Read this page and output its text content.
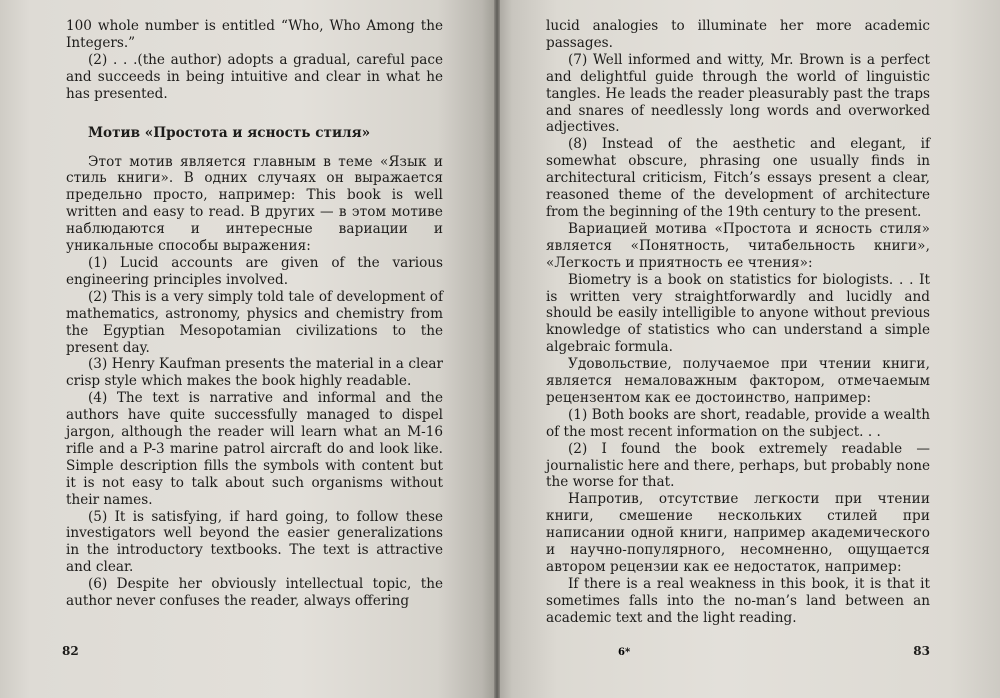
100 whole number is entitled “Who, Who Among the Integers.”

(2) . . .(the author) adopts a gradual, careful pace and succeeds in being intuitive and clear in what he has presented.

Мотив «Простота и ясность стиля»

Этот мотив является главным в теме «Язык и стиль книги». В одних случаях он выражается предельно просто, например: This book is well written and easy to read. В других — в этом мотиве наблюдаются и интересные вариации и уникальные способы выражения:

(1) Lucid accounts are given of the various engineering principles involved.

(2) This is a very simply told tale of development of mathematics, astronomy, physics and chemistry from the Egyptian Mesopotamian civilizations to the present day.

(3) Henry Kaufman presents the material in a clear crisp style which makes the book highly readable.

(4) The text is narrative and informal and the authors have quite successfully managed to dispel jargon, although the reader will learn what an M-16 rifle and a P-3 marine patrol aircraft do and look like. Simple description fills the symbols with content but it is not easy to talk about such organisms without their names.

(5) It is satisfying, if hard going, to follow these investigators well beyond the easier generalizations in the introductory textbooks. The text is attractive and clear.

(6) Despite her obviously intellectual topic, the author never confuses the reader, always offering

82

lucid analogies to illuminate her more academic passages.

(7) Well informed and witty, Mr. Brown is a perfect and delightful guide through the world of linguistic tangles. He leads the reader pleasurably past the traps and snares of needlessly long words and overworked adjectives.

(8) Instead of the aesthetic and elegant, if somewhat obscure, phrasing one usually finds in architectural criticism, Fitch’s essays present a clear, reasoned theme of the development of architecture from the beginning of the 19th century to the present.

Вариацией мотива «Простота и ясность стиля» является «Понятность, читабельность книги», «Легкость и приятность ее чтения»:

Biometry is a book on statistics for biologists. . . It is written very straightforwardly and lucidly and should be easily intelligible to anyone without previous knowledge of statistics who can understand a simple algebraic formula.

Удовольствие, получаемое при чтении книги, является немаловажным фактором, отмечаемым рецензентом как ее достоинство, например:

(1) Both books are short, readable, provide a wealth of the most recent information on the subject. . .

(2) I found the book extremely readable — journalistic here and there, perhaps, but probably none the worse for that.

Напротив, отсутствие легкости при чтении книги, смешение нескольких стилей при написании одной книги, например академического и научно-популярного, несомненно, ощущается автором рецензии как ее недостаток, например:

If there is a real weakness in this book, it is that it sometimes falls into the no-man’s land between an academic text and the light reading.

83
6*
